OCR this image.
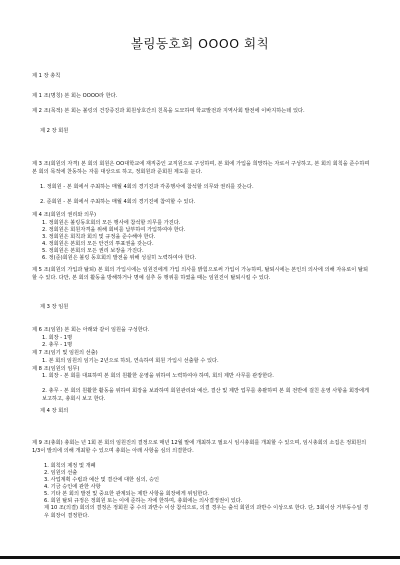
볼링동호회 OOOO 회칙
제 1 장 총칙
제 1 조(명칭) 본 회는 OOOO라 한다.
제 2 조(목적) 본 회는 볼링의 건강증진과 회원상호간의 친목을 도모하며 학교발전과 지역사회 발전에 이바지하는데 있다.
제 2 장 회원
제 3 조(회원의 자격) 본 회의 회원은 OO대학교에 재직중인 교직원으로 구성하며, 본 회에 가입을 희망하는 자로서 구성하고, 본 회의 회칙을 준수하며 본 회의 목적에 찬동하는 자를 대상으로 하고, 정회원과 준회원 제도를 둔다.
1. 정회원 - 본 회에서 주최하는 매월 4회의 경기진과 각종행사에 참석할 의무와 권리를 갖는다.
2. 준회원 - 본 회에서 주최하는 매월 4회의 경기진에 참여할 수 있다.
제 4 조(회원의 권리와 의무)
1. 정회원은 볼링동호회의 모든 행사에 참석할 의무를 가진다.
2. 정회원은 회원자격을 위해 회비를 납부하여 가입하여야 한다.
3. 정회원은 회칙과 회의 및 규정을 준수해야 한다.
4. 정회원은 본회의 모든 안건의 투표권을 갖는다.
5. 정회원은 본회의 모든 권리 보장을 가진다.
6. 정(준)회원은 볼링 동호회의 발전을 위해 성실히 노력하여야 한다.
제 5 조(회원의 가입과 탈퇴) 본 회의 가입시에는 임원진에게 가입 의사를 밝힘으로써 가입이 가능하며, 탈퇴시에는 본인의 의사에 의해 자유로이 탈퇴할 수 있다. 다만, 본 회의 활동을 방해하거나 명예 실추 등 행위를 하였을 때는 임원진이 탈퇴시킬 수 있다.
제 3 장 임원
제 6 조(임원) 본 회는 아래와 같이 임원을 구성한다.
1. 회장 - 1명
2. 총무 - 1명
제 7 조(임기 및 임원의 선출)
1. 본 회의 임원의 임기는 2년으로 하되, 연속하여 회원 가입시 선출할 수 있다.
제 8 조(임원의 임무)
1. 회장 - 본 회를 대표하며 본 회의 원활한 운영을 위하여 노력하여야 하며, 회의 제반 사무를 관장한다.
2. 총무 - 본 회의 원활한 활동을 위하여 회장을 보좌하며 회원관리와 예산, 결산 및 제반 업무를 총괄하며 본 회 전반에 걸친 운영 사항을 회장에게 보고하고, 총회시 보고 한다.
제 4 장 회의
제 9 조(총회) 총회는 년 1회 본 회의 임원진의 결정으로 매년 12월 말에 개최하고 필요시 임시총회를 개최할 수 있으며, 임시총회의 소집은 정회원의 1/3이 발의에 의해 개최할 수 있으며 총회는 아래 사항을 심의 의결한다.
1. 회칙의 제정 및 개폐
2. 임원의 선출
3. 사업계획 수립과 예산 및 결산에 대한 심의, 승인
4. 기금 승인에 관한 사항
5. 기타 본 회의 발전 및 중요한 관계되는 제반 사항을 회장에게 위임한다.
6. 회원 탈퇴 규정은 정회원 또는 이에 준하는 자에 한하며, 총회에는 의사결정권이 있다.
제 10 조(의결) 회의의 결정은 정회원 중 수의 과반수 이상 참석으로, 의결 경우는 출석 회원의 과반수 이상으로 한다. 단, 3회이상 거부동수일 경우 회장이 결정한다.
